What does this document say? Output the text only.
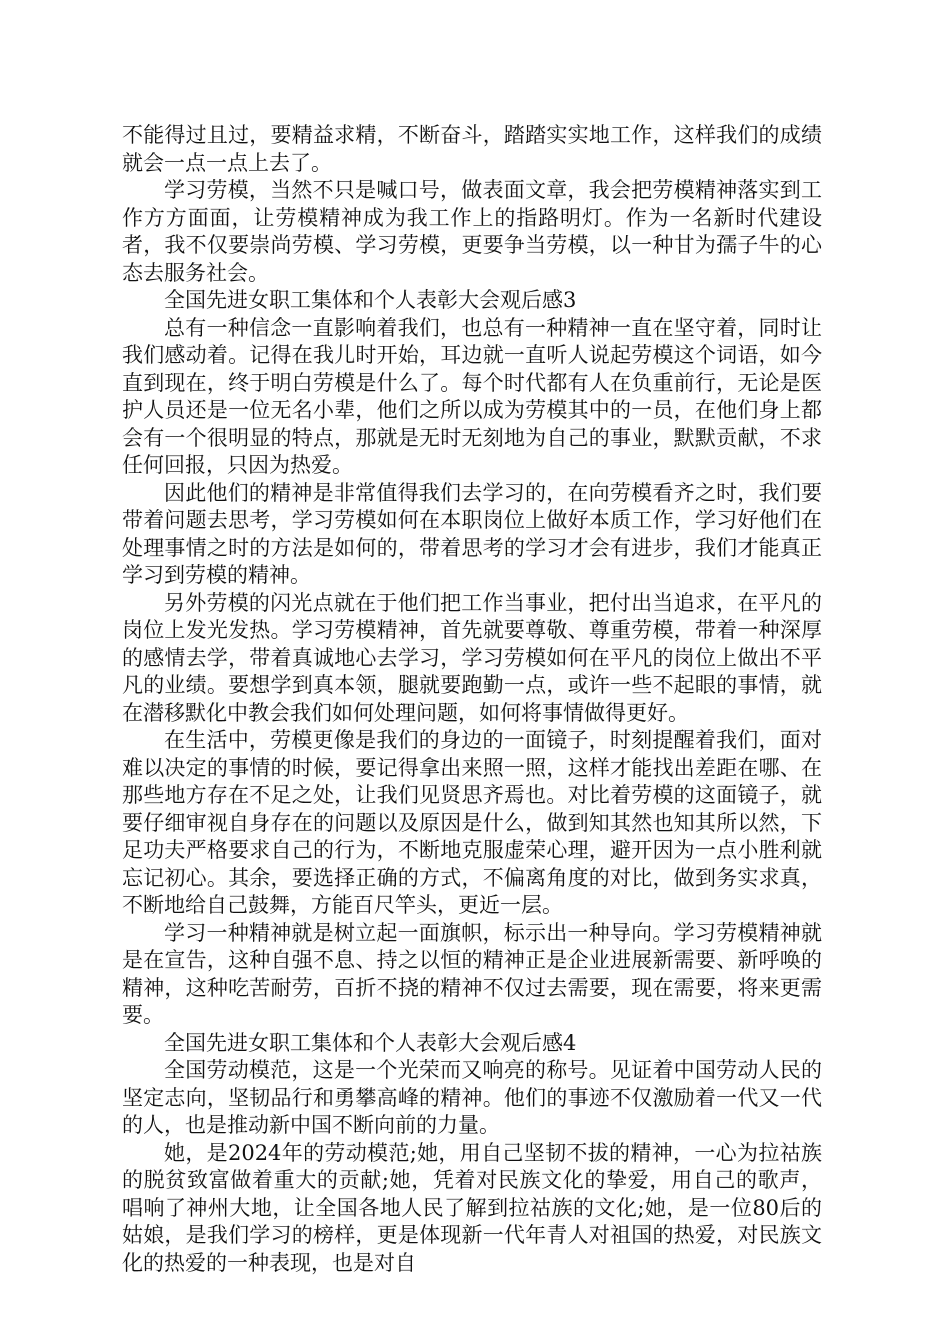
不能得过且过，要精益求精，不断奋斗，踏踏实实地工作，这样我们的成绩就会一点一点上去了。

学习劳模，当然不只是喊口号，做表面文章，我会把劳模精神落实到工作方方面面，让劳模精神成为我工作上的指路明灯。作为一名新时代建设者，我不仅要崇尚劳模、学习劳模，更要争当劳模，以一种甘为孺子牛的心态去服务社会。

全国先进女职工集体和个人表彰大会观后感3

总有一种信念一直影响着我们，也总有一种精神一直在坚守着，同时让我们感动着。记得在我儿时开始，耳边就一直听人说起劳模这个词语，如今直到现在，终于明白劳模是什么了。每个时代都有人在负重前行，无论是医护人员还是一位无名小辈，他们之所以成为劳模其中的一员，在他们身上都会有一个很明显的特点，那就是无时无刻地为自己的事业，默默贡献，不求任何回报，只因为热爱。

因此他们的精神是非常值得我们去学习的，在向劳模看齐之时，我们要带着问题去思考，学习劳模如何在本职岗位上做好本质工作，学习好他们在处理事情之时的方法是如何的，带着思考的学习才会有进步，我们才能真正学习到劳模的精神。

另外劳模的闪光点就在于他们把工作当事业，把付出当追求，在平凡的岗位上发光发热。学习劳模精神，首先就要尊敬、尊重劳模，带着一种深厚的感情去学，带着真诚地心去学习，学习劳模如何在平凡的岗位上做出不平凡的业绩。要想学到真本领，腿就要跑勤一点，或许一些不起眼的事情，就在潜移默化中教会我们如何处理问题，如何将事情做得更好。

在生活中，劳模更像是我们的身边的一面镜子，时刻提醒着我们，面对难以决定的事情的时候，要记得拿出来照一照，这样才能找出差距在哪、在那些地方存在不足之处，让我们见贤思齐焉也。对比着劳模的这面镜子，就要仔细审视自身存在的问题以及原因是什么，做到知其然也知其所以然，下足功夫严格要求自己的行为，不断地克服虚荣心理，避开因为一点小胜利就忘记初心。其余，要选择正确的方式，不偏离角度的对比，做到务实求真，不断地给自己鼓舞，方能百尺竿头，更近一层。

学习一种精神就是树立起一面旗帜，标示出一种导向。学习劳模精神就是在宣告，这种自强不息、持之以恒的精神正是企业进展新需要、新呼唤的精神，这种吃苦耐劳，百折不挠的精神不仅过去需要，现在需要，将来更需要。

全国先进女职工集体和个人表彰大会观后感4

全国劳动模范，这是一个光荣而又响亮的称号。见证着中国劳动人民的坚定志向，坚韧品行和勇攀高峰的精神。他们的事迹不仅激励着一代又一代的人，也是推动新中国不断向前的力量。

她，是2024年的劳动模范;她，用自己坚韧不拔的精神，一心为拉祜族的脱贫致富做着重大的贡献;她，凭着对民族文化的挚爱，用自己的歌声，唱响了神州大地，让全国各地人民了解到拉祜族的文化;她，是一位80后的姑娘，是我们学习的榜样，更是体现新一代年青人对祖国的热爱，对民族文化的热爱的一种表现，也是对自
